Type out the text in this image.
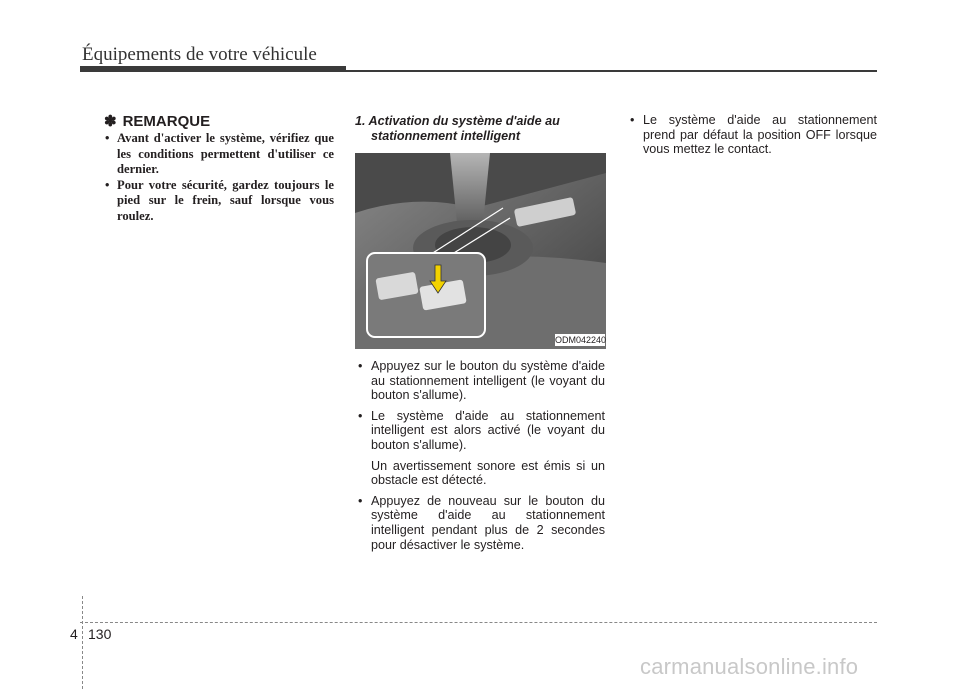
Équipements de votre véhicule
✽ REMARQUE
• Avant d'activer le système, vérifiez que les conditions permettent d'utiliser ce dernier.
• Pour votre sécurité, gardez toujours le pied sur le frein, sauf lorsque vous roulez.
1. Activation du système d'aide au
stationnement intelligent
ODM042240
• Appuyez sur le bouton du système d'aide au stationnement intelligent (le voyant du bouton s'allume).
• Le système d'aide au stationnement intelligent est alors activé (le voyant du bouton s'allume).
Un avertissement sonore est émis si un obstacle est détecté.
• Appuyez de nouveau sur le bouton du système d'aide au stationnement intelligent pendant plus de 2 secondes pour désactiver le système.
• Le système d'aide au stationnement prend par défaut la position OFF lorsque vous mettez le contact.
4 130
carmanualsonline.info
